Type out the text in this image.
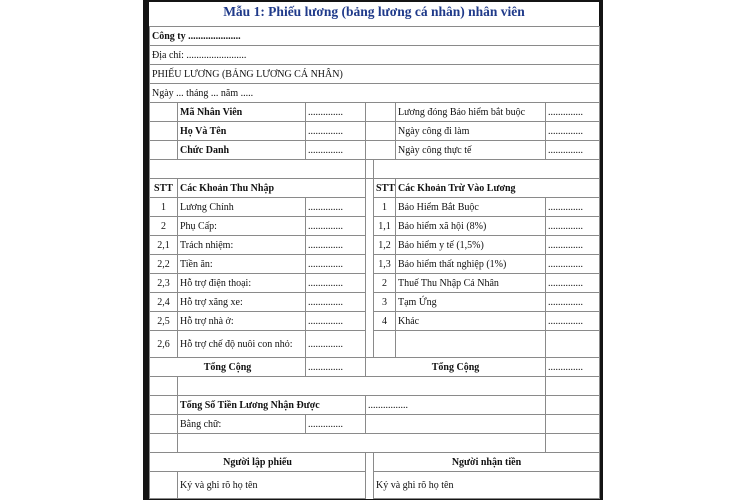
Mẫu 1: Phiếu lương (bảng lương cá nhân) nhân viên
Công ty .....................						
Địa chỉ: ........................						
PHIẾU LƯƠNG (BẢNG LƯƠNG CÁ NHÂN)						
Ngày ... tháng ... năm .....						
	Mã Nhân Viên	..............			Lương đóng Bảo hiểm bắt buộc	..............
	Họ Và Tên	..............			Ngày công đi làm	..............
	Chức Danh	..............			Ngày công thực tế	..............

STT	Các Khoản Thu Nhập			STT	Các Khoản Trừ Vào Lương	
1	Lương Chính	..............		1	Bảo Hiểm Bắt Buộc	..............
2	Phụ Cấp:	..............		1,1	Bảo hiểm xã hội (8%)	..............
2,1	Trách nhiệm:	..............		1,2	Bảo hiểm y tế (1,5%)	..............
2,2	Tiền ăn:	..............		1,3	Bảo hiểm thất nghiệp (1%)	..............
2,3	Hỗ trợ điện thoại:	..............		2	Thuế Thu Nhập Cá Nhân	..............
2,4	Hỗ trợ xăng xe:	..............		3	Tạm Ứng	..............
2,5	Hỗ trợ nhà ở:	..............		4	Khác	..............
2,6	Hỗ trợ chế độ nuôi con nhỏ:	..............				
Tổng Cộng		..............	Tổng Cộng			..............

	Tổng Số Tiền Lương Nhận Được		................			
	Bằng chữ:	..............				

Người lập phiếu				Người nhận tiền		
	Ký và ghi rõ họ tên			Ký và ghi rõ họ tên		
